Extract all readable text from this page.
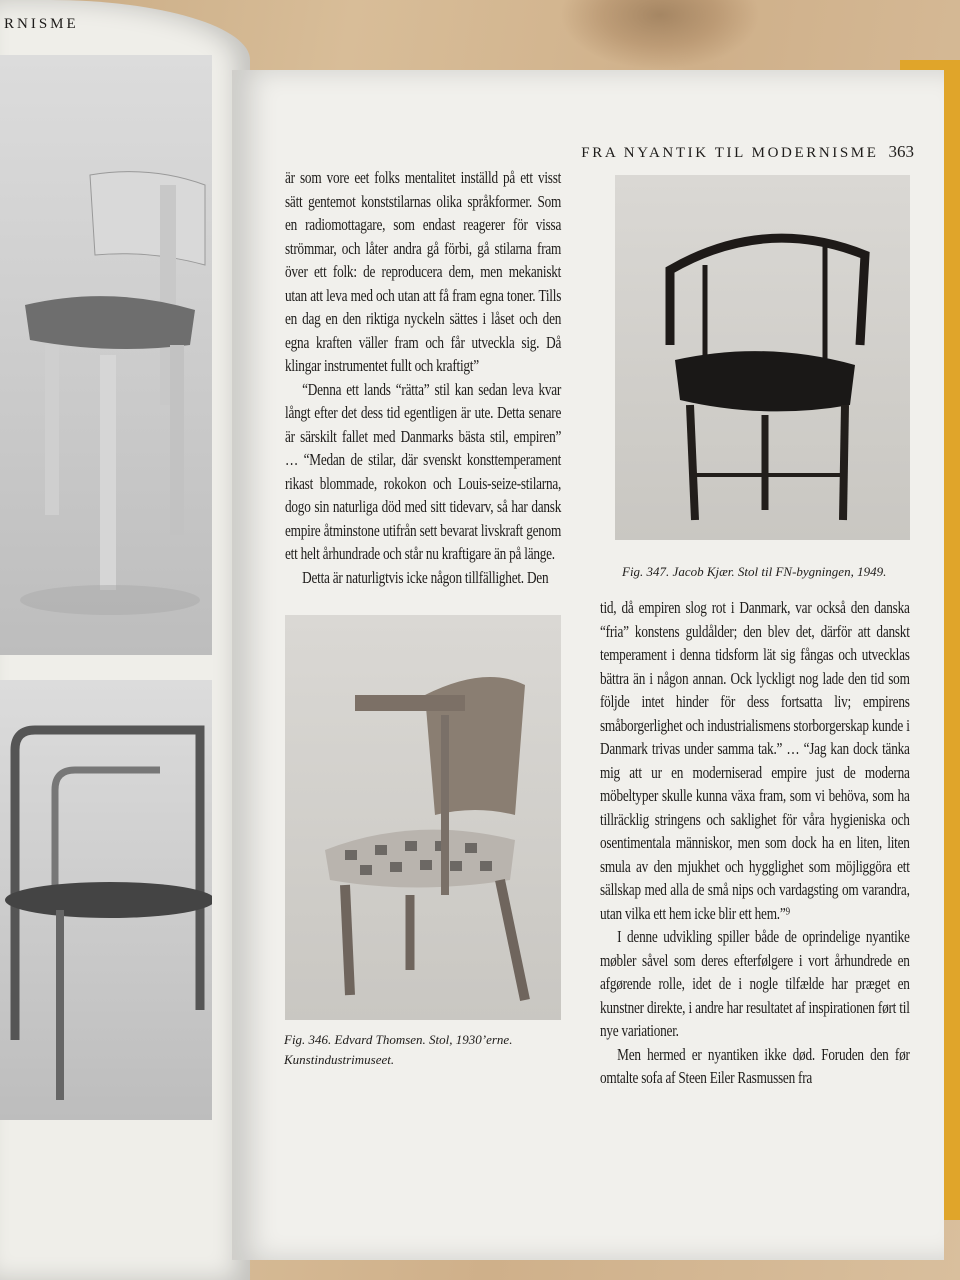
RNISME
FRA NYANTIK TIL MODERNISME 363

är som vore eet folks mentalitet inställd på ett visst sätt gentemot konststilarnas olika språkformer. Som en radiomottagare, som endast reagerer för vissa strömmar, och låter andra gå förbi, gå stilarna fram över ett folk: de reproducera dem, men mekaniskt utan att leva med och utan att få fram egna toner. Tills en dag en den riktiga nyckeln sättes i låset och den egna kraften väller fram och får utveckla sig. Då klingar instrumentet fullt och kraftigt”

“Denna ett lands “rätta” stil kan sedan leva kvar långt efter det dess tid egentligen är ute. Detta senare är särskilt fallet med Danmarks bästa stil, empiren” … “Medan de stilar, där svenskt konsttemperament rikast blommade, rokokon och Louis-seize-stilarna, dogo sin naturliga död med sitt tidevarv, så har dansk empire åtminstone utifrån sett bevarat livskraft genom ett helt århundrade och står nu kraftigare än på länge.

Detta är naturligtvis icke någon tillfällighet. Den	Fig. 347. Jacob Kjær. Stol til FN-bygningen, 1949.
Fig. 346. Edvard Thomsen. Stol, 1930’erne.
Kunstindustrimuseet.

tid, då empiren slog rot i Danmark, var också den danska “fria” konstens guldålder; den blev det, därför att danskt temperament i denna tidsform lät sig fångas och utvecklas bättra än i någon annan. Ock lyckligt nog lade den tid som följde intet hinder för dess fortsatta liv; empirens småborgerlighet och industrialismens storborgerskap kunde i Danmark trivas under samma tak.” … “Jag kan dock tänka mig att ur en moderniserad empire just de moderna möbeltyper skulle kunna växa fram, som vi behöva, som ha tillräcklig stringens och saklighet för våra hygieniska och osentimentala människor, men som dock ha en liten, liten smula av den mjukhet och hygglighet som möjliggöra ett sällskap med alla de små nips och vardagsting om varandra, utan vilka ett hem icke blir ett hem.”⁹

I denne udvikling spiller både de oprindelige nyantike møbler såvel som deres efterfølgere i vort århundrede en afgørende rolle, idet de i nogle tilfælde har præget en kunstner direkte, i andre har resultatet af inspirationen ført til nye variationer.

Men hermed er nyantiken ikke død. Foruden den før omtalte sofa af Steen Eiler Rasmussen fra
